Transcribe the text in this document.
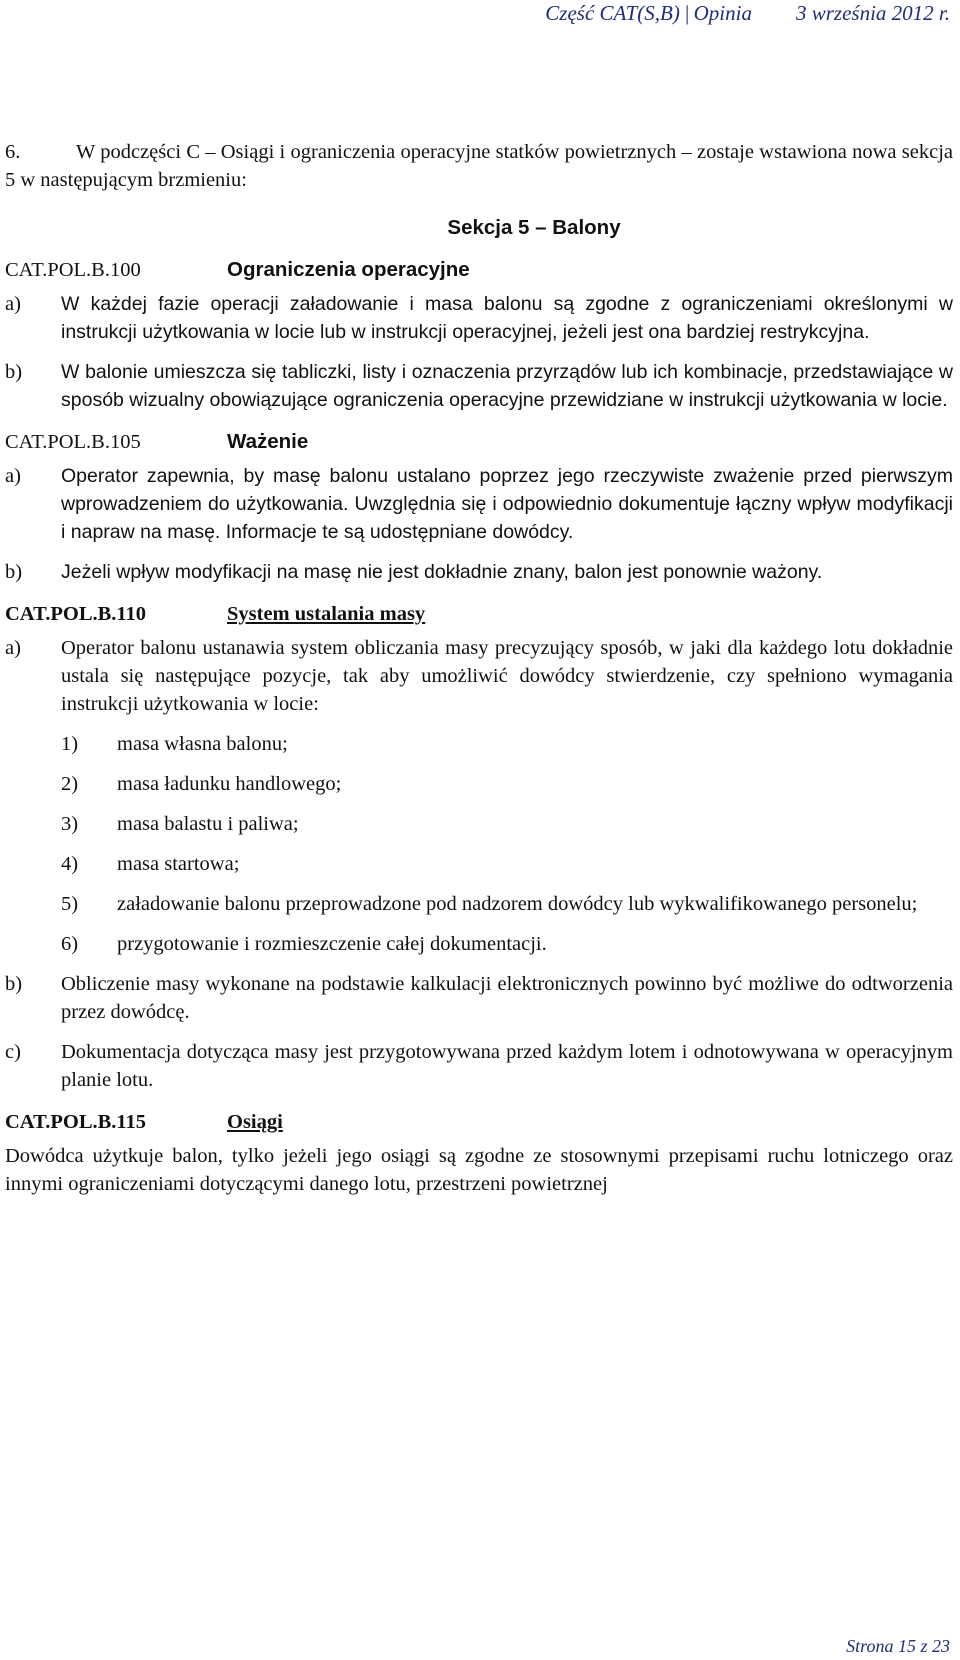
Część CAT(S,B) | Opinia 3 września 2012 r.

6.	W podczęści C – Osiągi i ograniczenia operacyjne statków powietrznych – zostaje wstawiona nowa sekcja 5 w następującym brzmieniu:

Sekcja 5 – Balony
CAT.POL.B.100	Ograniczenia operacyjne
a)	W każdej fazie operacji załadowanie i masa balonu są zgodne z ograniczeniami określonymi w instrukcji użytkowania w locie lub w instrukcji operacyjnej, jeżeli jest ona bardziej restrykcyjna.
b)	W balonie umieszcza się tabliczki, listy i oznaczenia przyrządów lub ich kombinacje, przedstawiające w sposób wizualny obowiązujące ograniczenia operacyjne przewidziane w instrukcji użytkowania w locie.
CAT.POL.B.105	Ważenie
a)	Operator zapewnia, by masę balonu ustalano poprzez jego rzeczywiste zważenie przed pierwszym wprowadzeniem do użytkowania. Uwzględnia się i odpowiednio dokumentuje łączny wpływ modyfikacji i napraw na masę. Informacje te są udostępniane dowódcy.
b)	Jeżeli wpływ modyfikacji na masę nie jest dokładnie znany, balon jest ponownie ważony.
CAT.POL.B.110	System ustalania masy
a)	Operator balonu ustanawia system obliczania masy precyzujący sposób, w jaki dla każdego lotu dokładnie ustala się następujące pozycje, tak aby umożliwić dowódcy stwierdzenie, czy spełniono wymagania instrukcji użytkowania w locie:
1)	masa własna balonu;
2)	masa ładunku handlowego;
3)	masa balastu i paliwa;
4)	masa startowa;
5)	załadowanie balonu przeprowadzone pod nadzorem dowódcy lub wykwalifikowanego personelu;
6)	przygotowanie i rozmieszczenie całej dokumentacji.
b)	Obliczenie masy wykonane na podstawie kalkulacji elektronicznych powinno być możliwe do odtworzenia przez dowódcę.
c)	Dokumentacja dotycząca masy jest przygotowywana przed każdym lotem i odnotowywana w operacyjnym planie lotu.
CAT.POL.B.115	Osiągi

Dowódca użytkuje balon, tylko jeżeli jego osiągi są zgodne ze stosownymi przepisami ruchu lotniczego oraz innymi ograniczeniami dotyczącymi danego lotu, przestrzeni powietrznej

Strona 15 z 23
